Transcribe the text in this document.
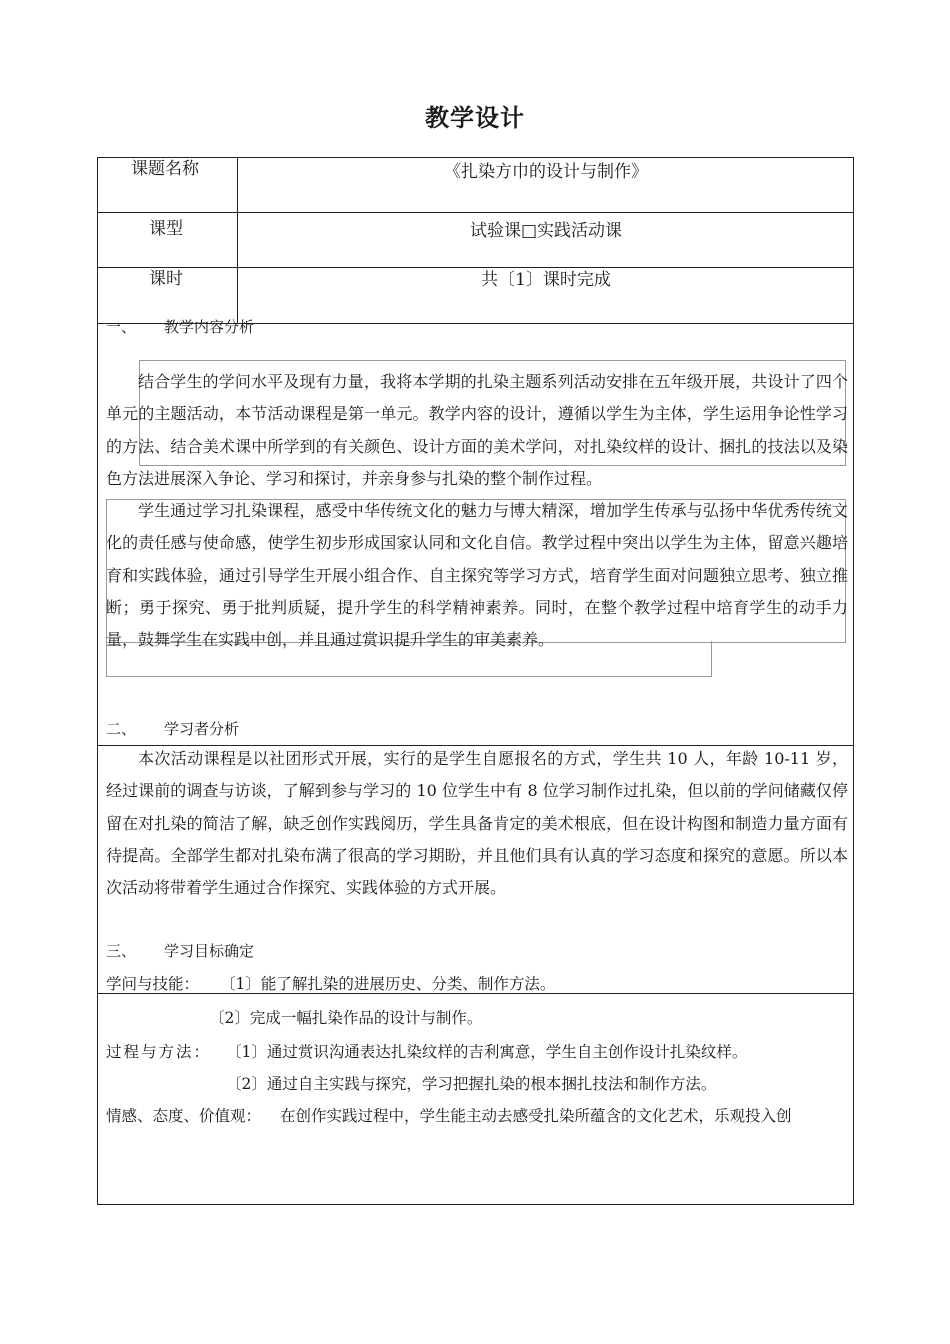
教学设计
课题名称	《扎染方巾的设计与制作》
课型	试验课□实践活动课
课时	共〔1〕课时完成
一、 教学内容分析

结合学生的学问水平及现有力量，我将本学期的扎染主题系列活动安排在五年级开展，共设计了四个单元的主题活动，本节活动课程是第一单元。教学内容的设计，遵循以学生为主体，学生运用争论性学习的方法、结合美术课中所学到的有关颜色、设计方面的美术学问，对扎染纹样的设计、捆扎的技法以及染色方法进展深入争论、学习和探讨，并亲身参与扎染的整个制作过程。

学生通过学习扎染课程，感受中华传统文化的魅力与博大精深，增加学生传承与弘扬中华优秀传统文化的责任感与使命感，使学生初步形成国家认同和文化自信。教学过程中突出以学生为主体，留意兴趣培育和实践体验，通过引导学生开展小组合作、自主探究等学习方式，培育学生面对问题独立思考、独立推断；勇于探究、勇于批判质疑，提升学生的科学精神素养。同时，在整个教学过程中培育学生的动手力量，鼓舞学生在实践中创，并且通过赏识提升学生的审美素养。

二、 学习者分析

本次活动课程是以社团形式开展，实行的是学生自愿报名的方式，学生共 10 人，年龄 10-11 岁，经过课前的调查与访谈，了解到参与学习的 10 位学生中有 8 位学习制作过扎染，但以前的学问储藏仅停留在对扎染的简洁了解，缺乏创作实践阅历，学生具备肯定的美术根底，但在设计构图和制造力量方面有待提高。全部学生都对扎染布满了很高的学习期盼，并且他们具有认真的学习态度和探究的意愿。所以本次活动将带着学生通过合作探究、实践体验的方式开展。

三、 学习目标确定
学问与技能： 〔1〕能了解扎染的进展历史、分类、制作方法。
〔2〕完成一幅扎染作品的设计与制作。
过程与方法： 〔1〕通过赏识沟通表达扎染纹样的吉利寓意，学生自主创作设计扎染纹样。
〔2〕通过自主实践与探究，学习把握扎染的根本捆扎技法和制作方法。
情感、态度、价值观： 在创作实践过程中，学生能主动去感受扎染所蕴含的文化艺术，乐观投入创
